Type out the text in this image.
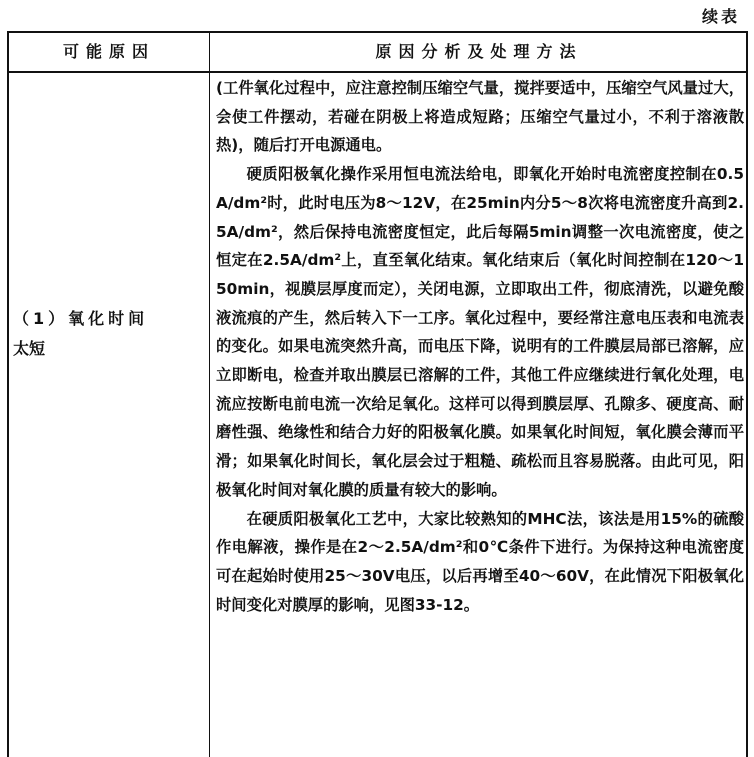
续表
可能原因	原因分析及处理方法
（1）氧化时间
太短

(工件氧化过程中，应注意控制压缩空气量，搅拌要适中，压缩空气风量过大，会使工件摆动，若碰在阴极上将造成短路；压缩空气量过小，不利于溶液散热)，随后打开电源通电。

硬质阳极氧化操作采用恒电流法给电，即氧化开始时电流密度控制在0.5A/dm²时，此时电压为8～12V，在25min内分5～8次将电流密度升高到2.5A/dm²，然后保持电流密度恒定，此后每隔5min调整一次电流密度，使之恒定在2.5A/dm²上，直至氧化结束。氧化结束后（氧化时间控制在120～150min，视膜层厚度而定），关闭电源，立即取出工件，彻底清洗，以避免酸液流痕的产生，然后转入下一工序。氧化过程中，要经常注意电压表和电流表的变化。如果电流突然升高，而电压下降，说明有的工件膜层局部已溶解，应立即断电，检查并取出膜层已溶解的工件，其他工件应继续进行氧化处理，电流应按断电前电流一次给足氧化。这样可以得到膜层厚、孔隙多、硬度高、耐磨性强、绝缘性和结合力好的阳极氧化膜。如果氧化时间短，氧化膜会薄而平滑；如果氧化时间长，氧化层会过于粗糙、疏松而且容易脱落。由此可见，阳极氧化时间对氧化膜的质量有较大的影响。

在硬质阳极氧化工艺中，大家比较熟知的MHC法，该法是用15%的硫酸作电解液，操作是在2～2.5A/dm²和0℃条件下进行。为保持这种电流密度可在起始时使用25～30V电压，以后再增至40～60V，在此情况下阳极氧化时间变化对膜厚的影响，见图33-12。
